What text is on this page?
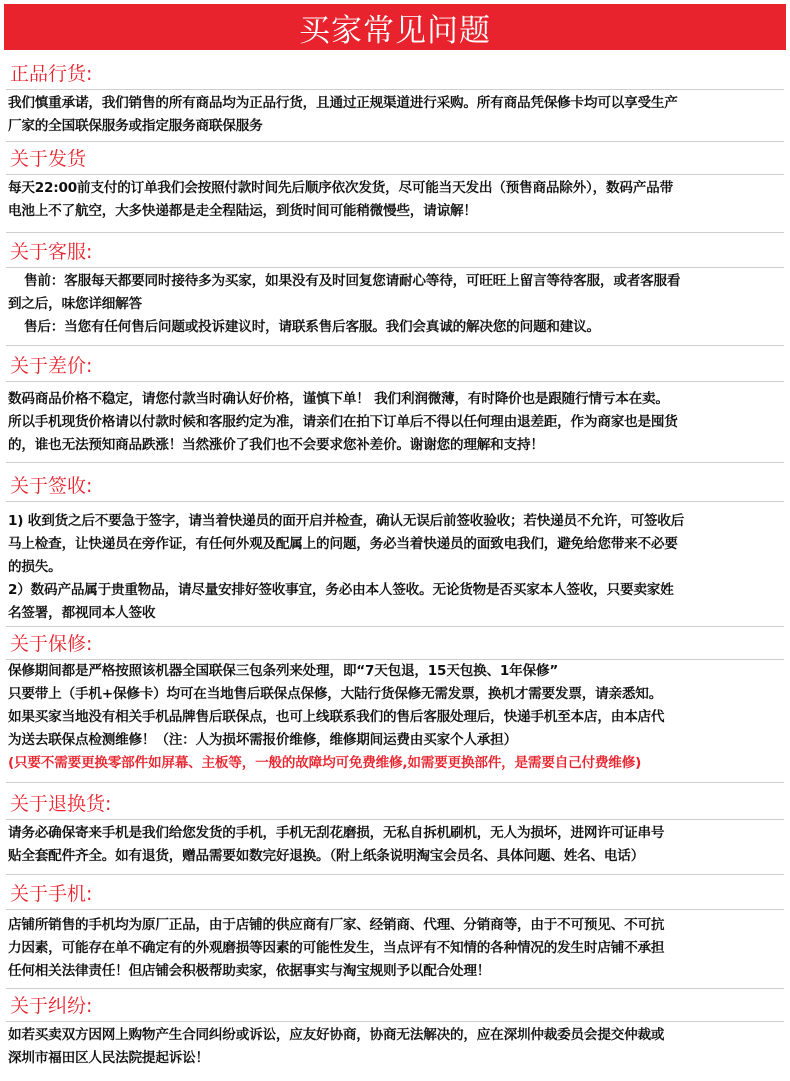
买家常见问题
正品行货:
我们慎重承诺，我们销售的所有商品均为正品行货，且通过正规渠道进行采购。所有商品凭保修卡均可以享受生产
厂家的全国联保服务或指定服务商联保服务
关于发货
每天22:00前支付的订单我们会按照付款时间先后顺序依次发货，尽可能当天发出（预售商品除外），数码产品带
电池上不了航空，大多快递都是走全程陆运，到货时间可能稍微慢些，请谅解！
关于客服:
售前：客服每天都要同时接待多为买家，如果没有及时回复您请耐心等待，可旺旺上留言等待客服，或者客服看
到之后，味您详细解答
售后：当您有任何售后问题或投诉建议时，请联系售后客服。我们会真诚的解决您的问题和建议。
关于差价:
数码商品价格不稳定，请您付款当时确认好价格，谨慎下单！ 我们利润微薄，有时降价也是跟随行情亏本在卖。
所以手机现货价格请以付款时候和客服约定为准，请亲们在拍下订单后不得以任何理由退差距，作为商家也是囤货
的，谁也无法预知商品跌涨！当然涨价了我们也不会要求您补差价。谢谢您的理解和支持！
关于签收:
1) 收到货之后不要急于签字，请当着快递员的面开启并检查，确认无误后前签收验收；若快递员不允许，可签收后
马上检查，让快递员在旁作证，有任何外观及配属上的问题，务必当着快递员的面致电我们，避免给您带来不必要
的损失。
2）数码产品属于贵重物品，请尽量安排好签收事宜，务必由本人签收。无论货物是否买家本人签收，只要卖家姓
名签署，都视同本人签收
关于保修:
保修期间都是严格按照该机器全国联保三包条列来处理，即“7天包退，15天包换、1年保修”
只要带上（手机+保修卡）均可在当地售后联保点保修，大陆行货保修无需发票，换机才需要发票，请亲悉知。
如果买家当地没有相关手机品牌售后联保点，也可上线联系我们的售后客服处理后，快递手机至本店，由本店代
为送去联保点检测维修！（注：人为损坏需报价维修，维修期间运费由买家个人承担）
(只要不需要更换零部件如屏幕、主板等，一般的故障均可免费维修,如需要更换部件，是需要自己付费维修)
关于退换货:
请务必确保寄来手机是我们给您发货的手机，手机无刮花磨损，无私自拆机刷机，无人为损坏，进网许可证串号
贴全套配件齐全。如有退货，赠品需要如数完好退换。（附上纸条说明淘宝会员名、具体问题、姓名、电话）
关于手机:
店铺所销售的手机均为原厂正品，由于店铺的供应商有厂家、经销商、代理、分销商等，由于不可预见、不可抗
力因素，可能存在单不确定有的外观磨损等因素的可能性发生，当点评有不知情的各种情况的发生时店铺不承担
任何相关法律责任！但店铺会积极帮助卖家，依据事实与淘宝规则予以配合处理！
关于纠纷:
如若买卖双方因网上购物产生合同纠纷或诉讼，应友好协商，协商无法解决的，应在深圳仲裁委员会提交仲裁或
深圳市福田区人民法院提起诉讼！
